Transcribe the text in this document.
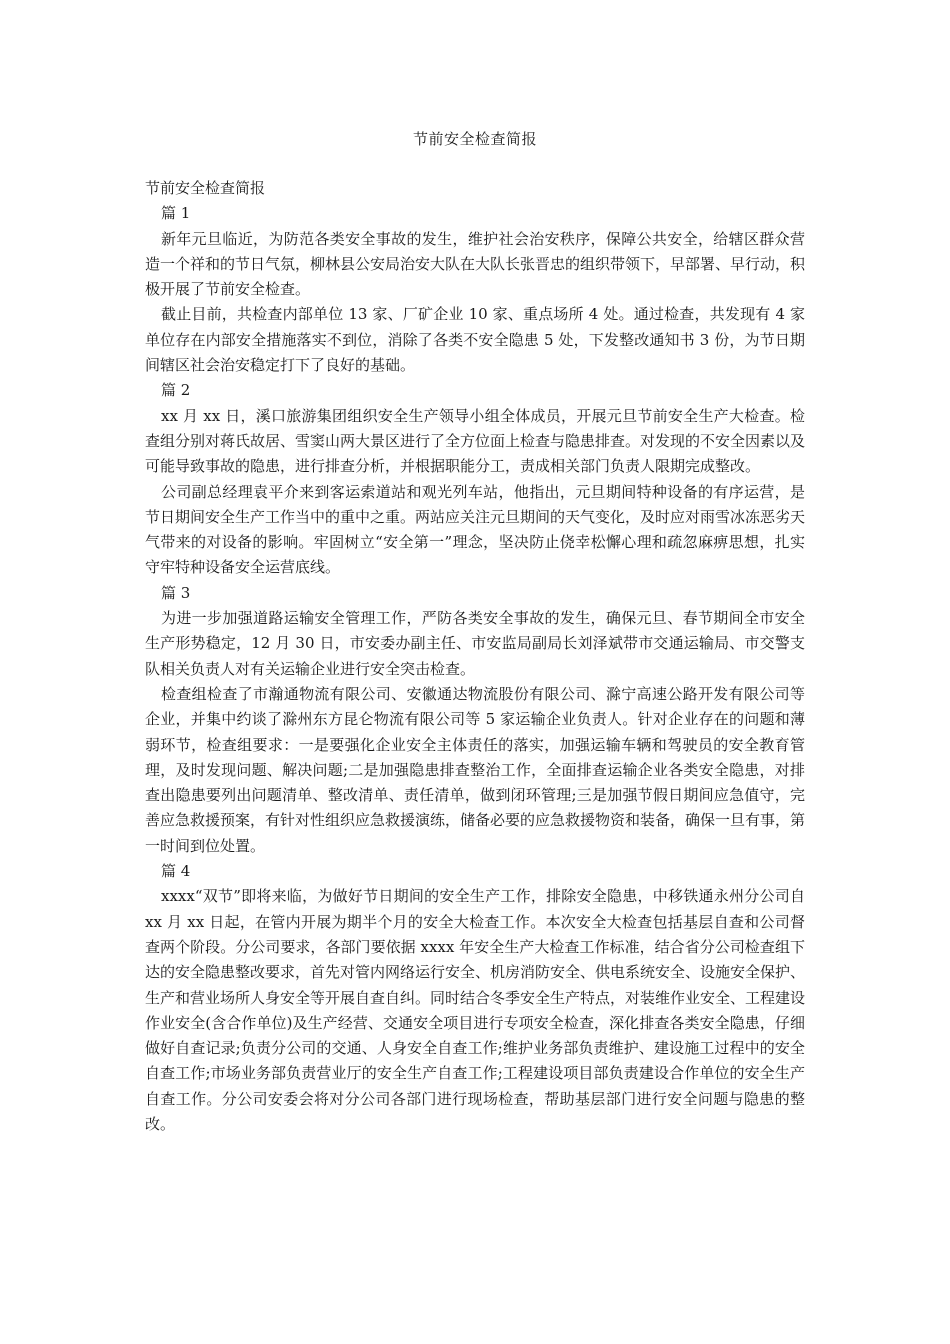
节前安全检查简报

节前安全检查简报

篇 1

新年元旦临近，为防范各类安全事故的发生，维护社会治安秩序，保障公共安全，给辖区群众营造一个祥和的节日气氛，柳林县公安局治安大队在大队长张晋忠的组织带领下，早部署、早行动，积极开展了节前安全检查。

截止目前，共检查内部单位 13 家、厂矿企业 10 家、重点场所 4 处。通过检查，共发现有 4 家单位存在内部安全措施落实不到位，消除了各类不安全隐患 5 处，下发整改通知书 3 份，为节日期间辖区社会治安稳定打下了良好的基础。

篇 2

xx 月 xx 日，溪口旅游集团组织安全生产领导小组全体成员，开展元旦节前安全生产大检查。检查组分别对蒋氏故居、雪窦山两大景区进行了全方位面上检查与隐患排查。对发现的不安全因素以及可能导致事故的隐患，进行排查分析，并根据职能分工，责成相关部门负责人限期完成整改。

公司副总经理袁平介来到客运索道站和观光列车站，他指出，元旦期间特种设备的有序运营，是节日期间安全生产工作当中的重中之重。两站应关注元旦期间的天气变化，及时应对雨雪冰冻恶劣天气带来的对设备的影响。牢固树立“安全第一”理念，坚决防止侥幸松懈心理和疏忽麻痹思想，扎实守牢特种设备安全运营底线。

篇 3

为进一步加强道路运输安全管理工作，严防各类安全事故的发生，确保元旦、春节期间全市安全生产形势稳定，12 月 30 日，市安委办副主任、市安监局副局长刘泽斌带市交通运输局、市交警支队相关负责人对有关运输企业进行安全突击检查。

检查组检查了市瀚通物流有限公司、安徽通达物流股份有限公司、滁宁高速公路开发有限公司等企业，并集中约谈了滁州东方昆仑物流有限公司等 5 家运输企业负责人。针对企业存在的问题和薄弱环节，检查组要求：一是要强化企业安全主体责任的落实，加强运输车辆和驾驶员的安全教育管理，及时发现问题、解决问题;二是加强隐患排查整治工作，全面排查运输企业各类安全隐患，对排查出隐患要列出问题清单、整改清单、责任清单，做到闭环管理;三是加强节假日期间应急值守，完善应急救援预案，有针对性组织应急救援演练，储备必要的应急救援物资和装备，确保一旦有事，第一时间到位处置。

篇 4

xxxx“双节”即将来临，为做好节日期间的安全生产工作，排除安全隐患，中移铁通永州分公司自 xx 月 xx 日起，在管内开展为期半个月的安全大检查工作。本次安全大检查包括基层自查和公司督查两个阶段。分公司要求，各部门要依据 xxxx 年安全生产大检查工作标准，结合省分公司检查组下达的安全隐患整改要求，首先对管内网络运行安全、机房消防安全、供电系统安全、设施安全保护、生产和营业场所人身安全等开展自查自纠。同时结合冬季安全生产特点，对装维作业安全、工程建设作业安全(含合作单位)及生产经营、交通安全项目进行专项安全检查，深化排查各类安全隐患，仔细做好自查记录;负责分公司的交通、人身安全自查工作;维护业务部负责维护、建设施工过程中的安全自查工作;市场业务部负责营业厅的安全生产自查工作;工程建设项目部负责建设合作单位的安全生产自查工作。分公司安委会将对分公司各部门进行现场检查，帮助基层部门进行安全问题与隐患的整改。
